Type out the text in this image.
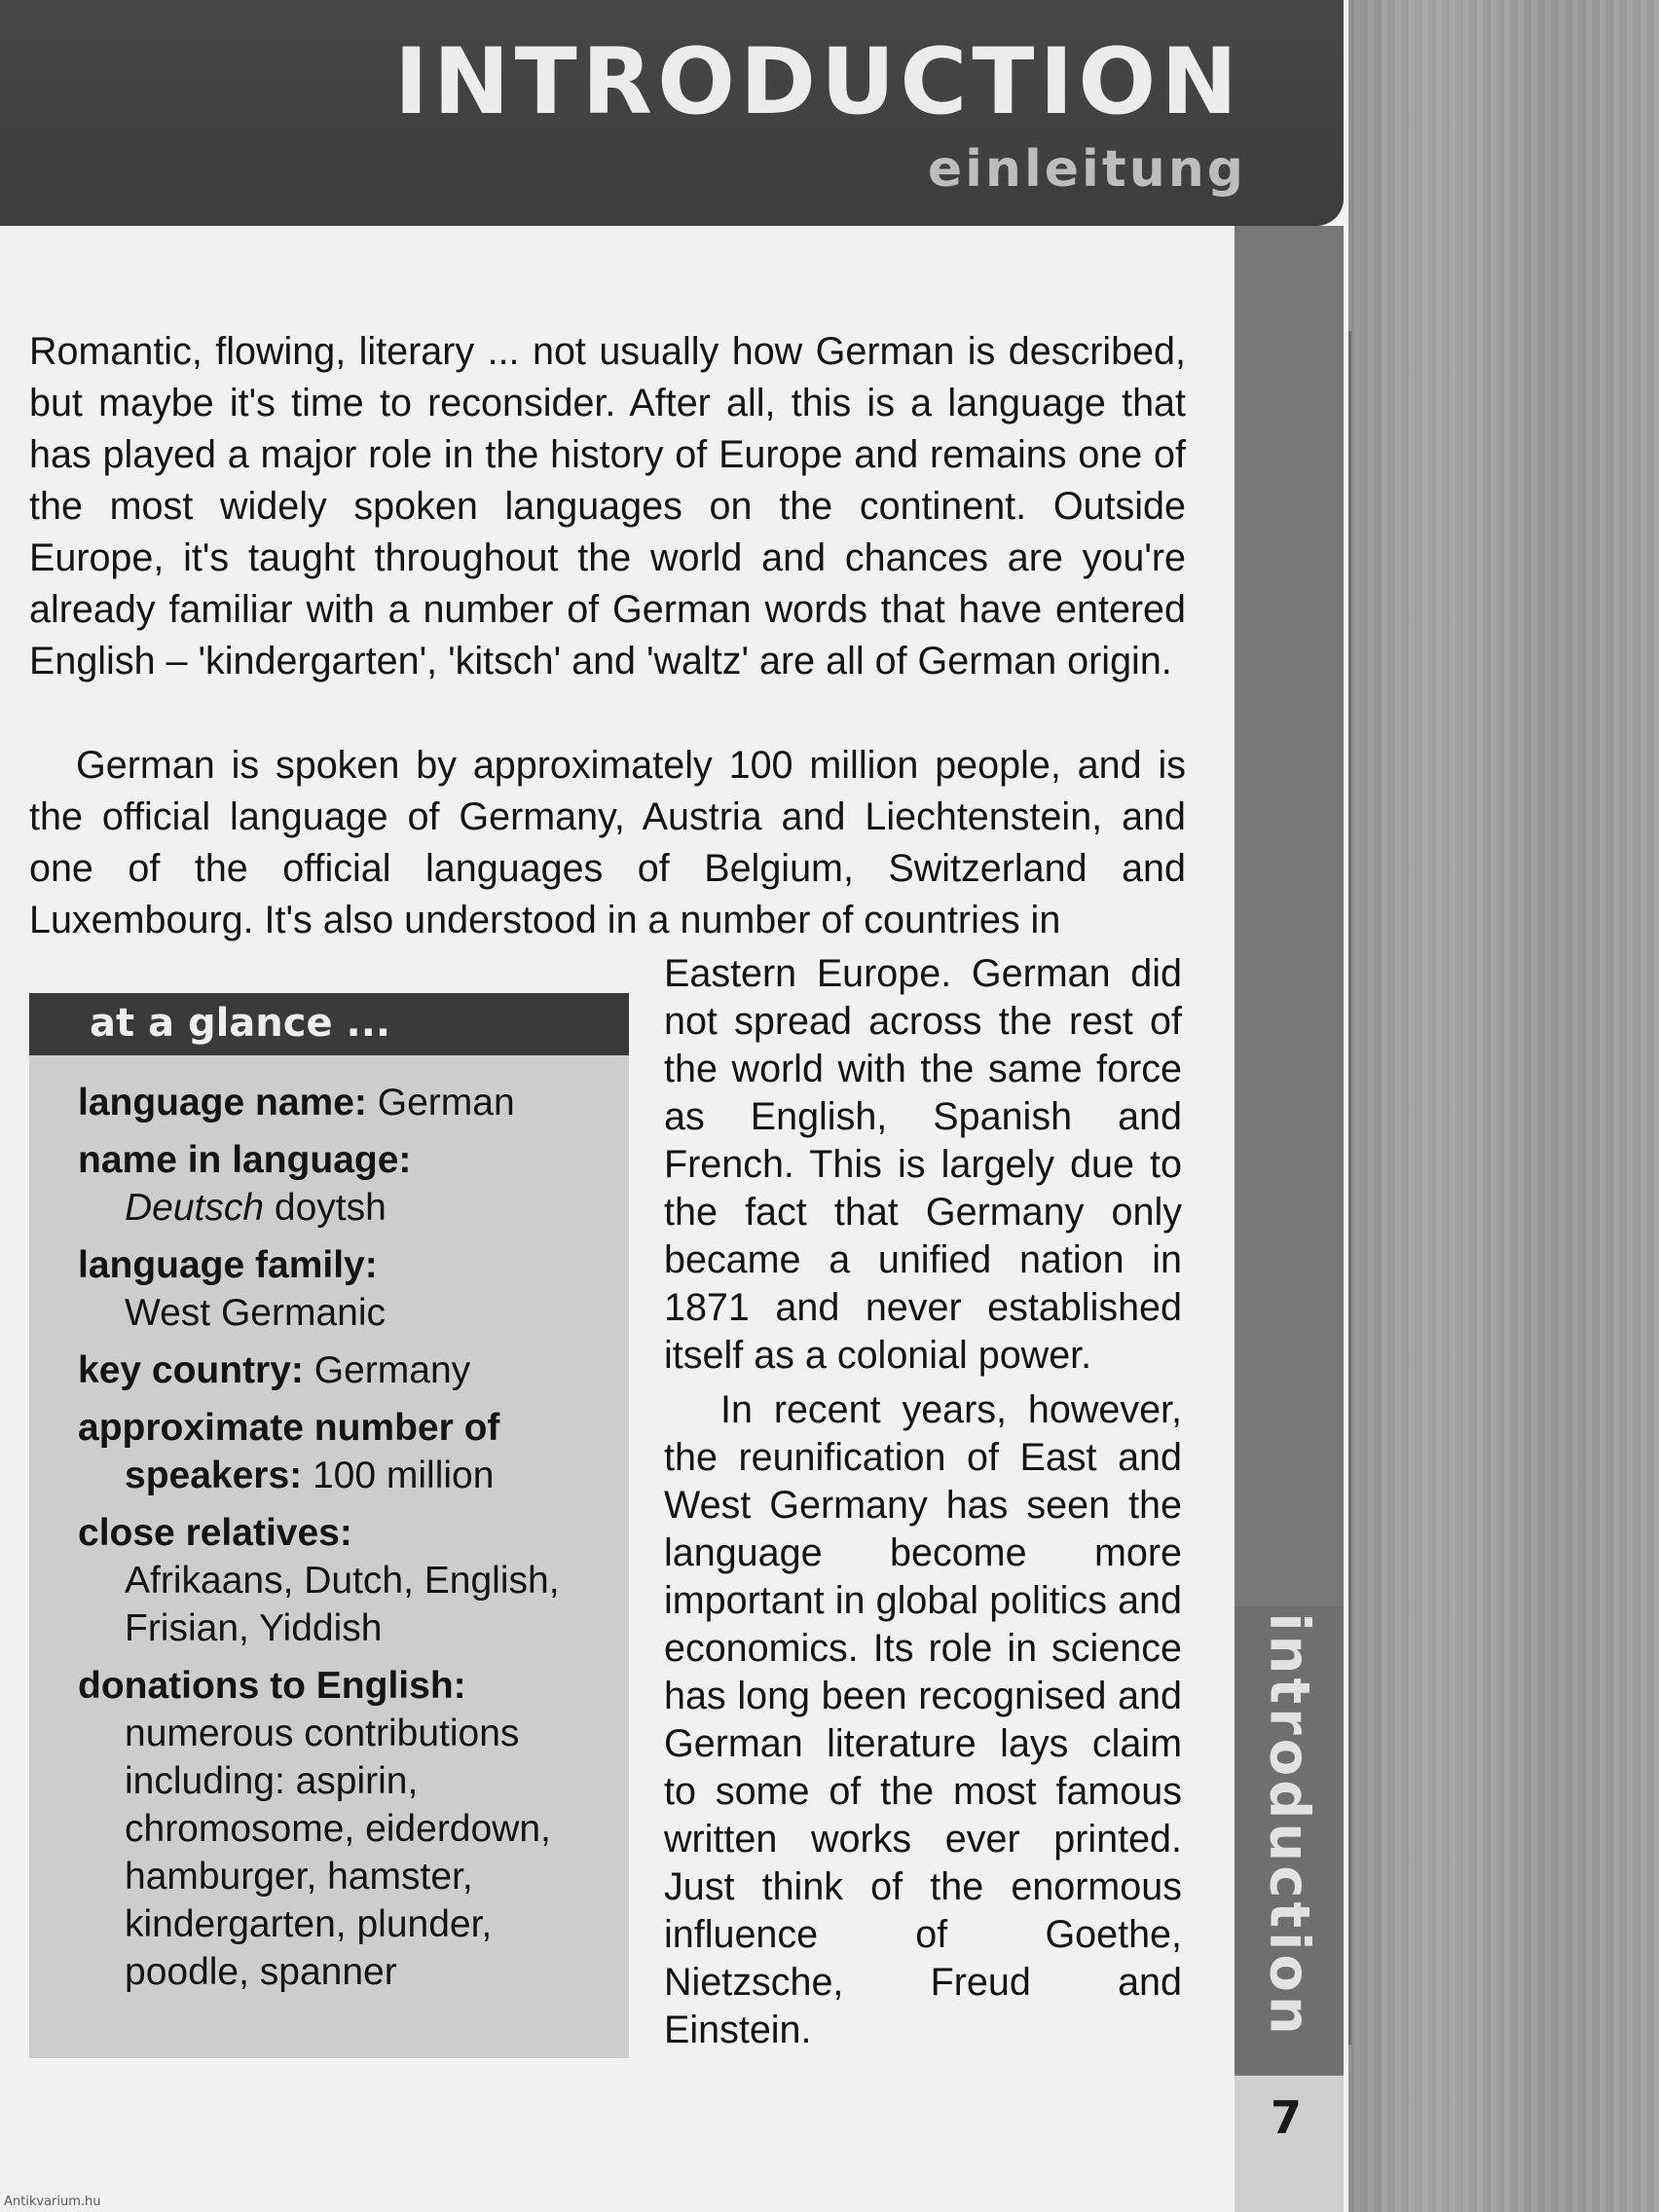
INTRODUCTION
einleitung
introduction
7

Romantic, flowing, literary ... not usually how German is described, but maybe it's time to reconsider. After all, this is a language that has played a major role in the history of Europe and remains one of the most widely spoken languages on the continent. Outside Europe, it's taught throughout the world and chances are you're already familiar with a number of German words that have entered English – 'kindergarten', 'kitsch' and 'waltz' are all of German origin.

German is spoken by approximately 100 million people, and is the official language of Germany, Austria and Liechtenstein, and one of the official languages of Belgium, Switzerland and Luxembourg. It's also understood in a number of countries in

Eastern Europe. German did not spread across the rest of the world with the same force as English, Spanish and French. This is largely due to the fact that Germany only became a unified nation in 1871 and never established itself as a colonial power.

In recent years, however, the reunification of East and West Germany has seen the language become more important in global politics and economics. Its role in science has long been recognised and German literature lays claim to some of the most famous written works ever printed. Just think of the enormous influence of Goethe, Nietzsche, Freud and Einstein.

at a glance ...

language name: German

name in language:
Deutsch doytsh

language family:
West Germanic

key country: Germany

approximate number of
speakers: 100 million

close relatives:
Afrikaans, Dutch, English, Frisian, Yiddish

donations to English:
numerous contributions including: aspirin, chromosome, eiderdown, hamburger, hamster, kindergarten, plunder, poodle, spanner

Antikvarium.hu
